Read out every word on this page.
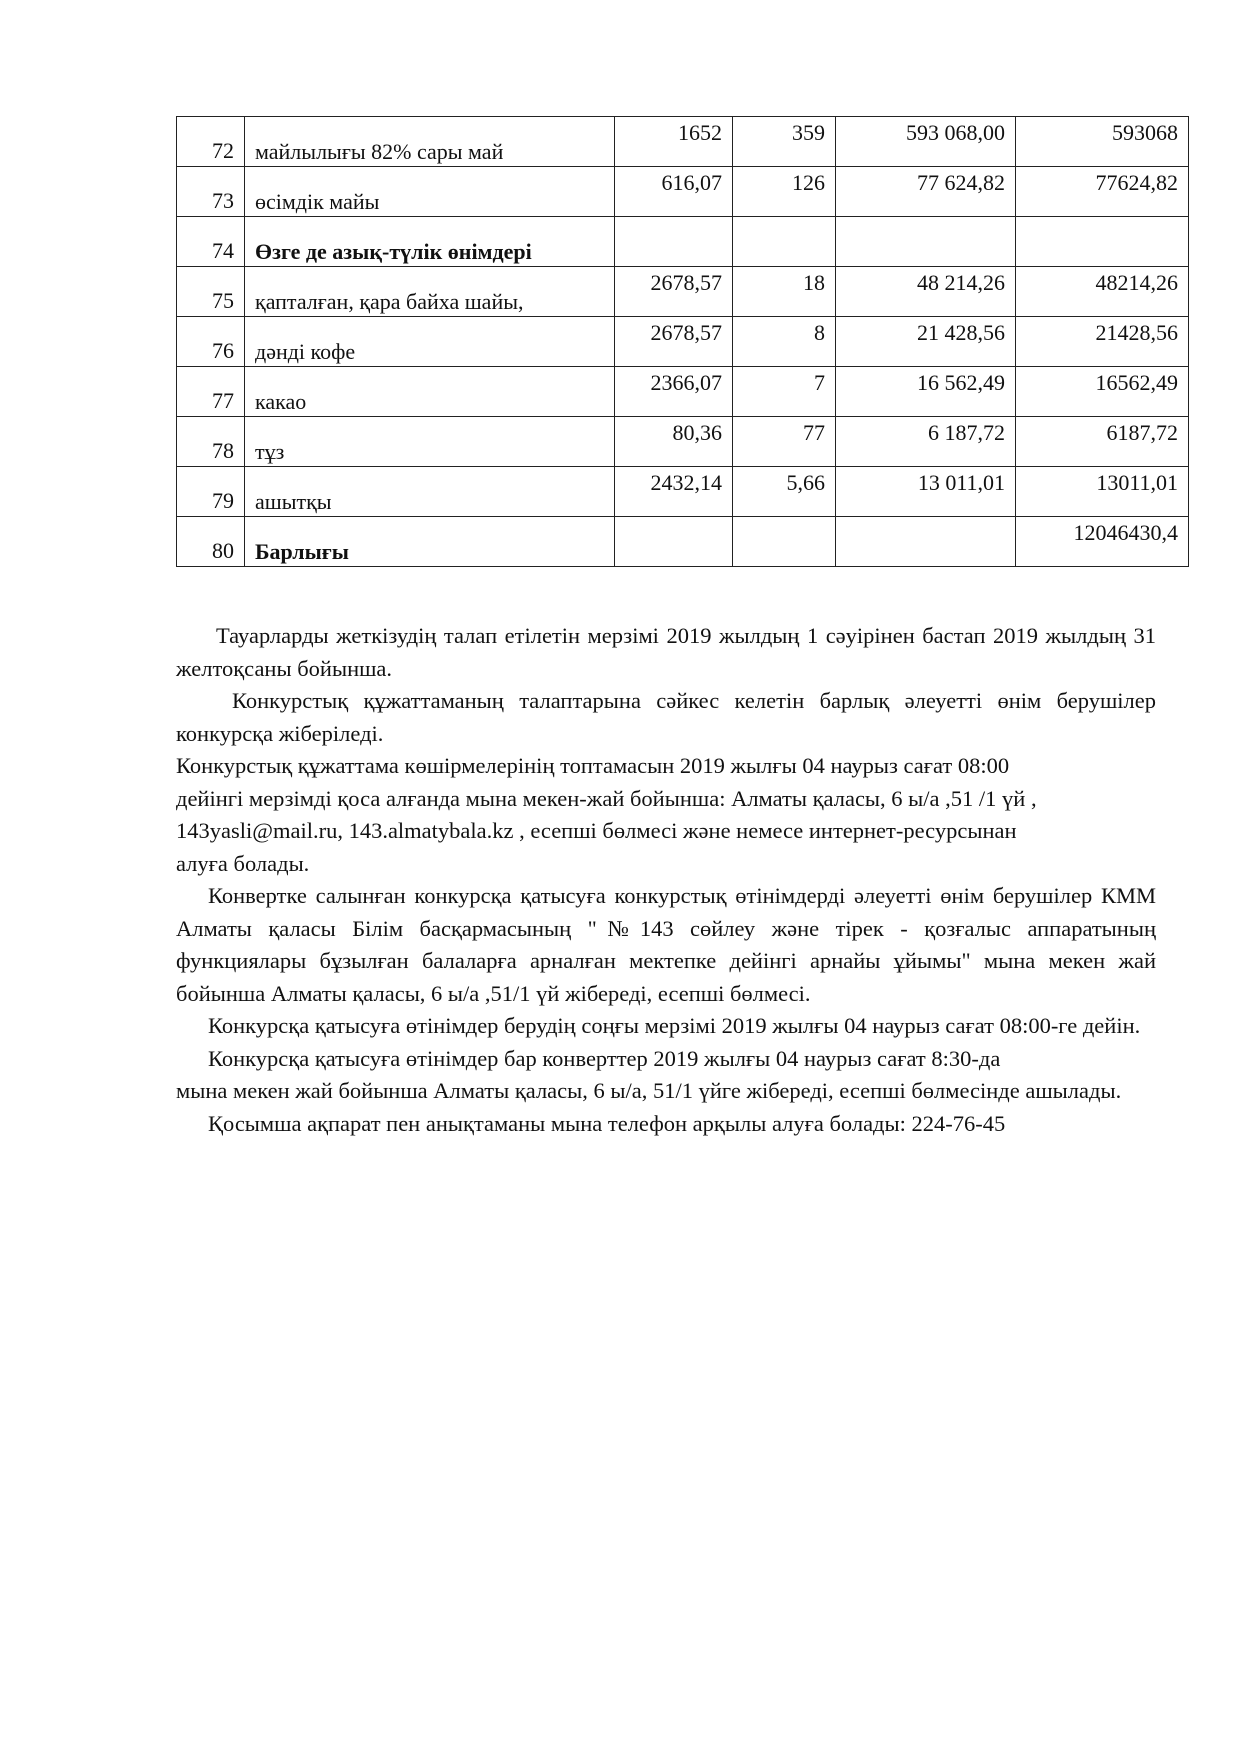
72	майлылығы 82% сары май	1652	359	593 068,00	593068
73	өсімдік майы	616,07	126	77 624,82	77624,82
74	Өзге де азық-түлік өнімдері				
75	қапталған, қара байха шайы,	2678,57	18	48 214,26	48214,26
76	дәнді кофе	2678,57	8	21 428,56	21428,56
77	какао	2366,07	7	16 562,49	16562,49
78	тұз	80,36	77	6 187,72	6187,72
79	ашытқы	2432,14	5,66	13 011,01	13011,01
80	Барлығы				12046430,4

Тауарларды жеткізудің талап етілетін мерзімі 2019 жылдың 1 сәуірінен бастап 2019 жылдың 31 желтоқсаны бойынша.

Конкурстық құжаттаманың талаптарына сәйкес келетін барлық әлеуетті өнім берушілер конкурсқа жіберіледі.

Конкурстық құжаттама көшірмелерінің топтамасын 2019 жылғы 04 наурыз сағат 08:00

дейінгі мерзімді қоса алғанда мына мекен-жай бойынша: Алматы қаласы, 6 ы/а ,51 /1 үй ,

143yasli@mail.ru, 143.almatybala.kz , есепші бөлмесі және немесе интернет-ресурсынан

алуға болады.

Конвертке салынған конкурсқа қатысуға конкурстық өтінімдерді әлеуетті өнім берушілер КММ Алматы қаласы Білім басқармасының "№143 сөйлеу және тірек - қозғалыс аппаратының функциялары бұзылған балаларға арналған мектепке дейінгі арнайы ұйымы" мына мекен жай бойынша Алматы қаласы, 6 ы/а ,51/1 үй жібереді, есепші бөлмесі.

Конкурсқа қатысуға өтінімдер берудің соңғы мерзімі 2019 жылғы 04 наурыз сағат 08:00-ге дейін.

Конкурсқа қатысуға өтінімдер бар конверттер 2019 жылғы 04 наурыз сағат 8:30-да

мына мекен жай бойынша Алматы қаласы, 6 ы/а, 51/1 үйге жібереді, есепші бөлмесінде ашылады.

Қосымша ақпарат пен анықтаманы мына телефон арқылы алуға болады: 224-76-45
